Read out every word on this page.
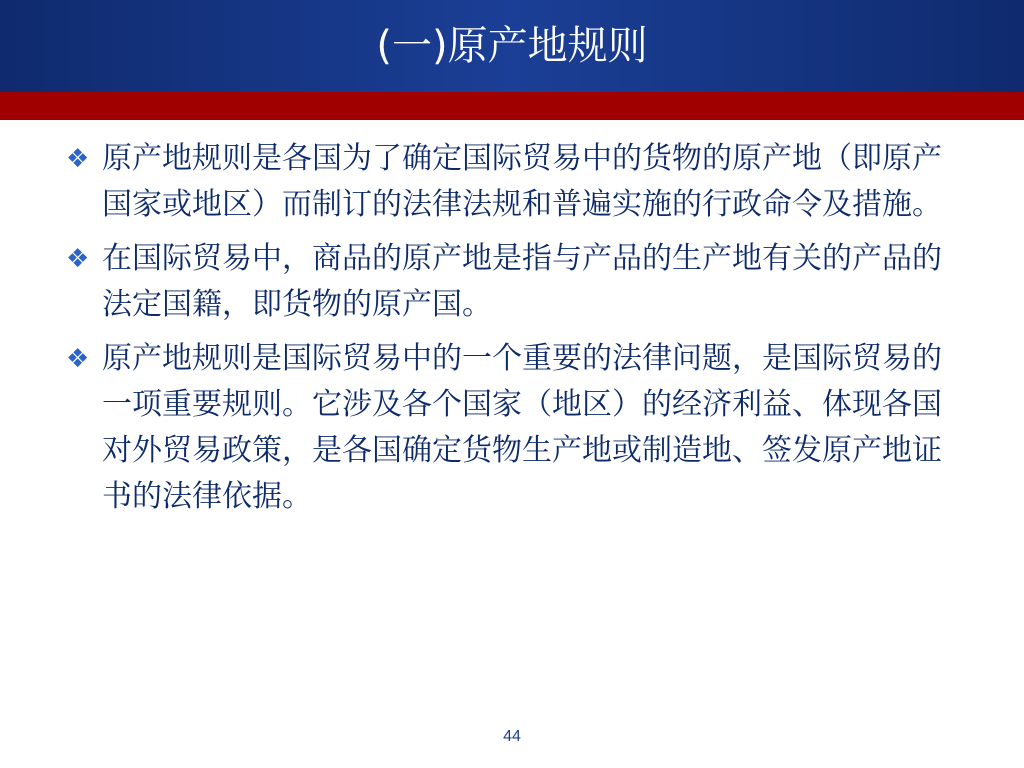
(一)原产地规则
❖ 原产地规则是各国为了确定国际贸易中的货物的原产地（即原产国家或地区）而制订的法律法规和普遍实施的行政命令及措施。
❖ 在国际贸易中，商品的原产地是指与产品的生产地有关的产品的法定国籍，即货物的原产国。
❖ 原产地规则是国际贸易中的一个重要的法律问题，是国际贸易的一项重要规则。它涉及各个国家（地区）的经济利益、体现各国对外贸易政策，是各国确定货物生产地或制造地、签发原产地证书的法律依据。
44
